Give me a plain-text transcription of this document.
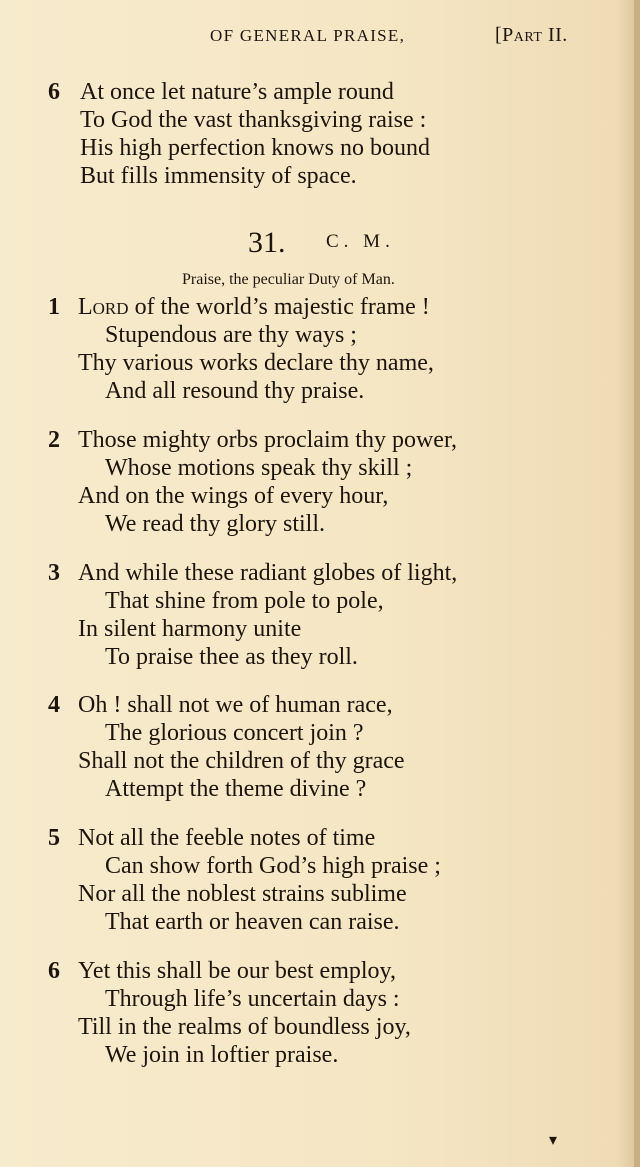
OF GENERAL PRAISE,	[Part II.
6 At once let nature’s ample round
To God the vast thanksgiving raise :
His high perfection knows no bound
But fills immensity of space.
31. C. M.
Praise, the peculiar Duty of Man.
1 Lord of the world’s majestic frame !
Stupendous are thy ways ;
Thy various works declare thy name,
And all resound thy praise.
2 Those mighty orbs proclaim thy power,
Whose motions speak thy skill ;
And on the wings of every hour,
We read thy glory still.
3 And while these radiant globes of light,
That shine from pole to pole,
In silent harmony unite
To praise thee as they roll.
4 Oh ! shall not we of human race,
The glorious concert join ?
Shall not the children of thy grace
Attempt the theme divine ?
5 Not all the feeble notes of time
Can show forth God’s high praise ;
Nor all the noblest strains sublime
That earth or heaven can raise.
6 Yet this shall be our best employ,
Through life’s uncertain days :
Till in the realms of boundless joy,
We join in loftier praise.
▾
